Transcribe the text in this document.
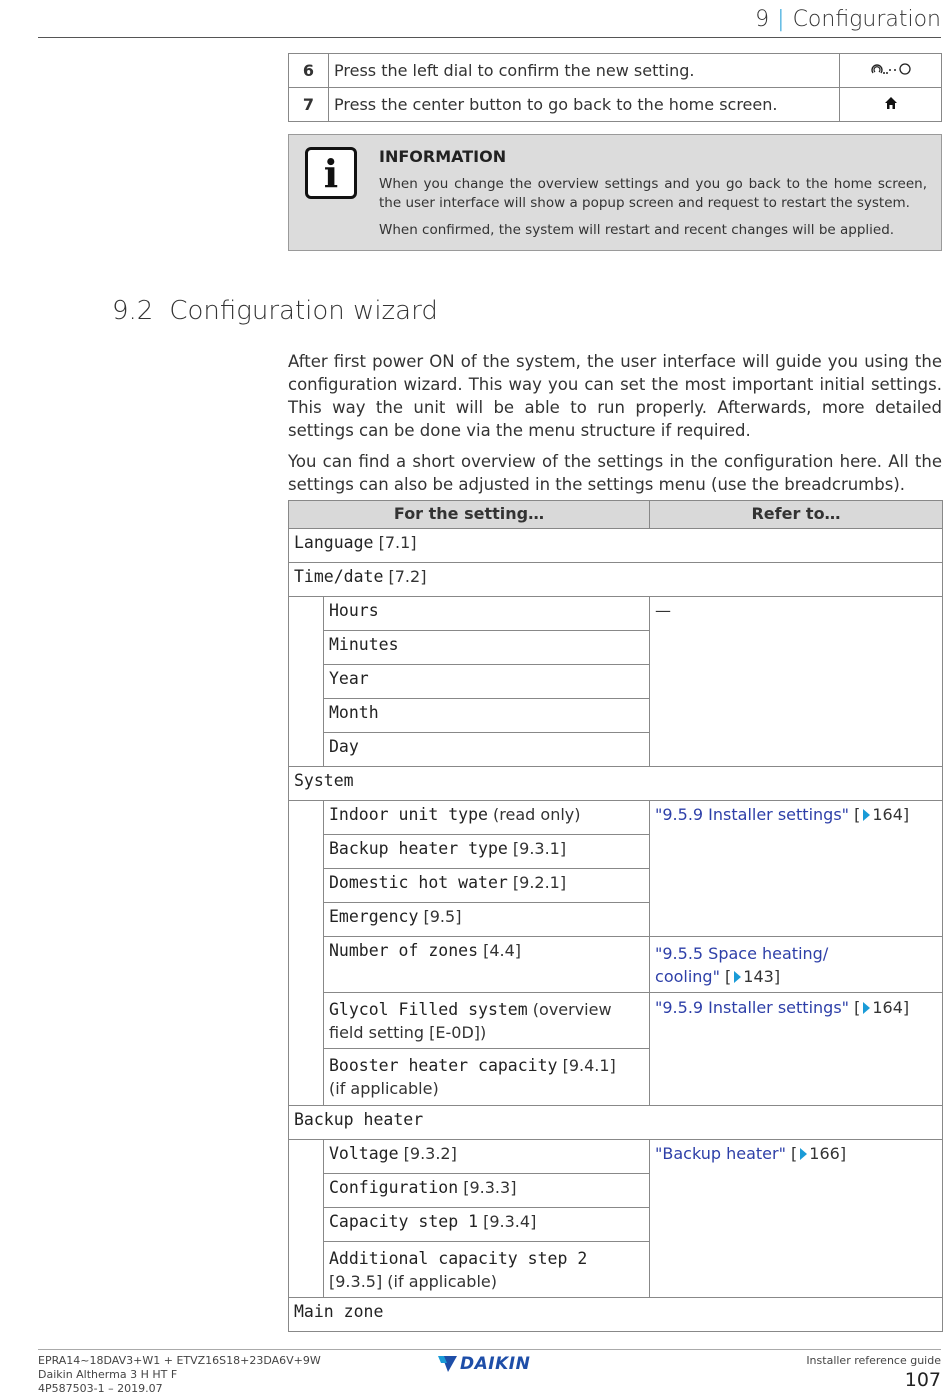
9 | Configuration
6	Press the left dial to confirm the new setting.	
7	Press the center button to go back to the home screen.	
i	INFORMATION
When you change the overview settings and you go back to the home screen, the user interface will show a popup screen and request to restart the system.
When confirmed, the system will restart and recent changes will be applied.
9.2 Configuration wizard
After first power ON of the system, the user interface will guide you using the configuration wizard. This way you can set the most important initial settings. This way the unit will be able to run properly. Afterwards, more detailed settings can be done via the menu structure if required.
You can find a short overview of the settings in the configuration here. All the settings can also be adjusted in the settings menu (use the breadcrumbs).
For the setting…		Refer to…
Language [7.1]		
Time/date [7.2]		
	Hours	—
	Minutes	
	Year	
	Month	
	Day	
System		
	Indoor unit type (read only)	"9.5.9 Installer settings" [ 164]
	Backup heater type [9.3.1]	
	Domestic hot water [9.2.1]	
	Emergency [9.5]	
	Number of zones [4.4]	"9.5.5 Space heating/
cooling" [ 143]
	Glycol Filled system (overview field setting [E-0D])	"9.5.9 Installer settings" [ 164]
	Booster heater capacity [9.4.1]
(if applicable)	
Backup heater		
	Voltage [9.3.2]	"Backup heater" [ 166]
	Configuration [9.3.3]	
	Capacity step 1 [9.3.4]	
	Additional capacity step 2
[9.3.5] (if applicable)	
Main zone		
EPRA14~18DAV3+W1 + ETVZ16S18+23DA6V+9W
Daikin Altherma 3 H HT F
4P587503-1 – 2019.07
DAIKIN	Installer reference guide
107
